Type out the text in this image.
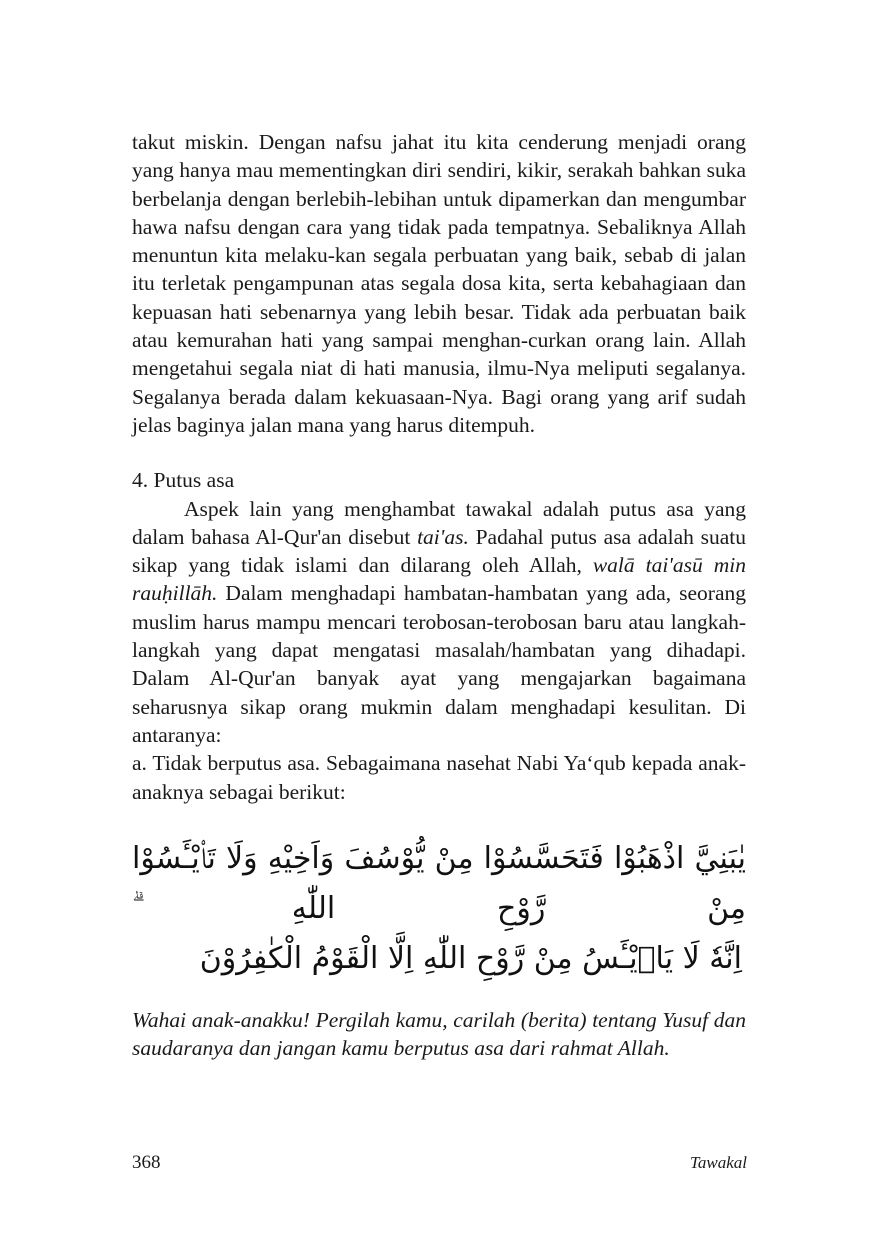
takut miskin. Dengan nafsu jahat itu kita cenderung menjadi orang yang hanya mau mementingkan diri sendiri, kikir, serakah bahkan suka berbelanja dengan berlebih-lebihan untuk dipamerkan dan mengumbar hawa nafsu dengan cara yang tidak pada tempatnya. Sebaliknya Allah menuntun kita melaku-kan segala perbuatan yang baik, sebab di jalan itu terletak pengampunan atas segala dosa kita, serta kebahagiaan dan kepuasan hati sebenarnya yang lebih besar. Tidak ada perbuatan baik atau kemurahan hati yang sampai menghan-curkan orang lain. Allah mengetahui segala niat di hati manusia, ilmu-Nya meliputi segalanya. Segalanya berada dalam kekuasaan-Nya. Bagi orang yang arif sudah jelas baginya jalan mana yang harus ditempuh.

4. Putus asa

Aspek lain yang menghambat tawakal adalah putus asa yang dalam bahasa Al-Qur'an disebut tai'as. Padahal putus asa adalah suatu sikap yang tidak islami dan dilarang oleh Allah, walā tai'asū min rauḥillāh. Dalam menghadapi hambatan-hambatan yang ada, seorang muslim harus mampu mencari terobosan-terobosan baru atau langkah-langkah yang dapat mengatasi masalah/hambatan yang dihadapi. Dalam Al-Qur'an banyak ayat yang mengajarkan bagaimana seharusnya sikap orang mukmin dalam menghadapi kesulitan. Di antaranya:

a. Tidak berputus asa. Sebagaimana nasehat Nabi Ya‘qub kepada anak-anaknya sebagai berikut:

يٰبَنِيَّ اذْهَبُوْا فَتَحَسَّسُوْا مِنْ يُّوْسُفَ وَاَخِيْهِ وَلَا تَا۟يْـَٔسُوْا مِنْ رَّوْحِ اللّٰهِ ۗ
اِنَّهٗ لَا يَا۟يْـَٔسُ مِنْ رَّوْحِ اللّٰهِ اِلَّا الْقَوْمُ الْكٰفِرُوْنَ

Wahai anak-anakku! Pergilah kamu, carilah (berita) tentang Yusuf dan saudaranya dan jangan kamu berputus asa dari rahmat Allah.

368	Tawakal
